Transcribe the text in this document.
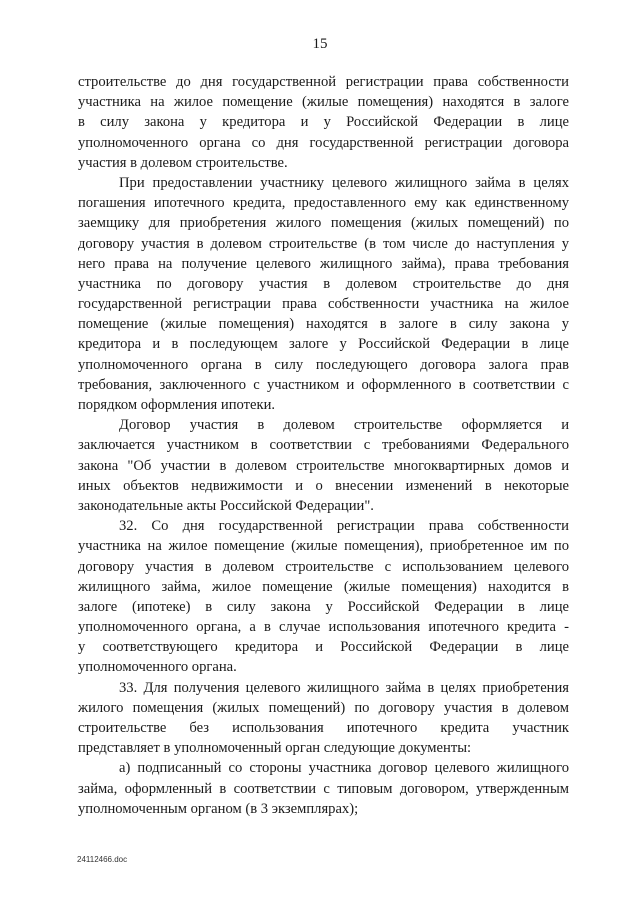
15
строительстве до дня государственной регистрации права собственности
участника на жилое помещение (жилые помещения) находятся в залоге
в силу закона у кредитора и у Российской Федерации в лице
уполномоченного органа со дня государственной регистрации договора
участия в долевом строительстве.
При предоставлении участнику целевого жилищного займа в целях
погашения ипотечного кредита, предоставленного ему как единственному
заемщику для приобретения жилого помещения (жилых помещений) по
договору участия в долевом строительстве (в том числе до наступления у
него права на получение целевого жилищного займа), права требования
участника по договору участия в долевом строительстве до дня
государственной регистрации права собственности участника на жилое
помещение (жилые помещения) находятся в залоге в силу закона у
кредитора и в последующем залоге у Российской Федерации в лице
уполномоченного органа в силу последующего договора залога прав
требования, заключенного с участником и оформленного в соответствии с
порядком оформления ипотеки.
Договор участия в долевом строительстве оформляется и
заключается участником в соответствии с требованиями Федерального
закона "Об участии в долевом строительстве многоквартирных домов и
иных объектов недвижимости и о внесении изменений в некоторые
законодательные акты Российской Федерации".
32. Со дня государственной регистрации права собственности
участника на жилое помещение (жилые помещения), приобретенное им по
договору участия в долевом строительстве с использованием целевого
жилищного займа, жилое помещение (жилые помещения) находится в
залоге (ипотеке) в силу закона у Российской Федерации в лице
уполномоченного органа, а в случае использования ипотечного кредита -
у соответствующего кредитора и Российской Федерации в лице
уполномоченного органа.
33. Для получения целевого жилищного займа в целях приобретения
жилого помещения (жилых помещений) по договору участия в долевом
строительстве без использования ипотечного кредита участник
представляет в уполномоченный орган следующие документы:
а) подписанный со стороны участника договор целевого жилищного
займа, оформленный в соответствии с типовым договором, утвержденным
уполномоченным органом (в 3 экземплярах);
24112466.doc
